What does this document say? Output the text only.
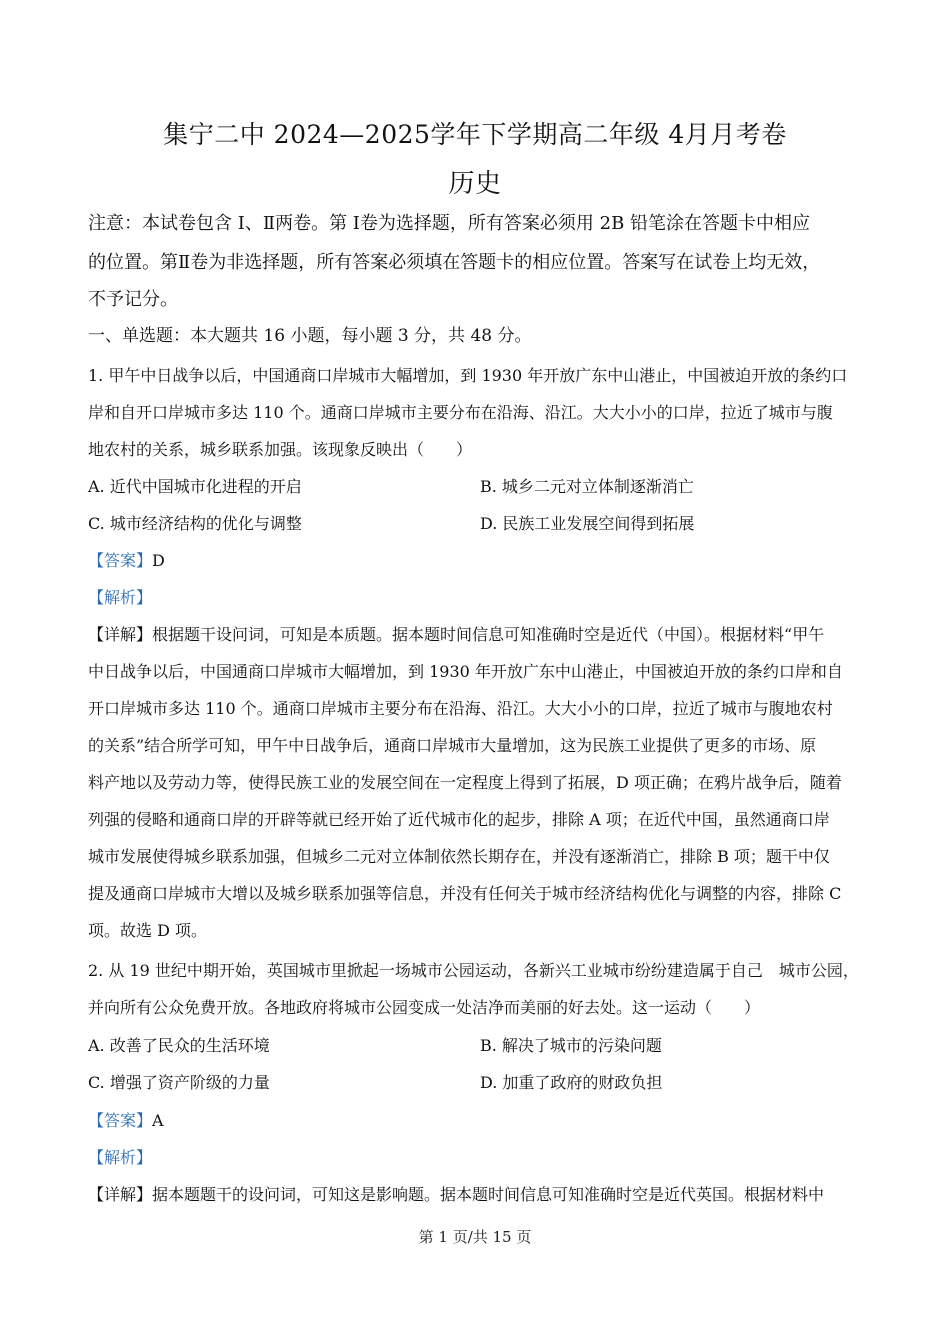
集宁二中 2024—2025学年下学期高二年级 4月月考卷
历史
注意：本试卷包含 Ⅰ、Ⅱ两卷。第 Ⅰ卷为选择题，所有答案必须用 2B 铅笔涂在答题卡中相应
的位置。第Ⅱ卷为非选择题，所有答案必须填在答题卡的相应位置。答案写在试卷上均无效，
不予记分。
一、单选题：本大题共 16 小题，每小题 3 分，共 48 分。
1. 甲午中日战争以后，中国通商口岸城市大幅增加，到 1930 年开放广东中山港止，中国被迫开放的条约口
岸和自开口岸城市多达 110 个。通商口岸城市主要分布在沿海、沿江。大大小小的口岸，拉近了城市与腹
地农村的关系，城乡联系加强。该现象反映出（　　）
A. 近代中国城市化进程的开启	B. 城乡二元对立体制逐渐消亡
C. 城市经济结构的优化与调整	D. 民族工业发展空间得到拓展
【答案】D
【解析】
【详解】根据题干设问词，可知是本质题。据本题时间信息可知准确时空是近代（中国）。根据材料“甲午
中日战争以后，中国通商口岸城市大幅增加，到 1930 年开放广东中山港止，中国被迫开放的条约口岸和自
开口岸城市多达 110 个。通商口岸城市主要分布在沿海、沿江。大大小小的口岸，拉近了城市与腹地农村
的关系”结合所学可知，甲午中日战争后，通商口岸城市大量增加，这为民族工业提供了更多的市场、原
料产地以及劳动力等，使得民族工业的发展空间在一定程度上得到了拓展，D 项正确；在鸦片战争后，随着
列强的侵略和通商口岸的开辟等就已经开始了近代城市化的起步，排除 A 项；在近代中国，虽然通商口岸
城市发展使得城乡联系加强，但城乡二元对立体制依然长期存在，并没有逐渐消亡，排除 B 项；题干中仅
提及通商口岸城市大增以及城乡联系加强等信息，并没有任何关于城市经济结构优化与调整的内容，排除 C
项。故选 D 项。
2. 从 19 世纪中期开始，英国城市里掀起一场城市公园运动，各新兴工业城市纷纷建造属于自己　城市公园，
并向所有公众免费开放。各地政府将城市公园变成一处洁净而美丽的好去处。这一运动（　　）
A. 改善了民众的生活环境	B. 解决了城市的污染问题
C. 增强了资产阶级的力量	D. 加重了政府的财政负担
【答案】A
【解析】
【详解】据本题题干的设问词，可知这是影响题。据本题时间信息可知准确时空是近代英国。根据材料中
第 1 页/共 15 页
